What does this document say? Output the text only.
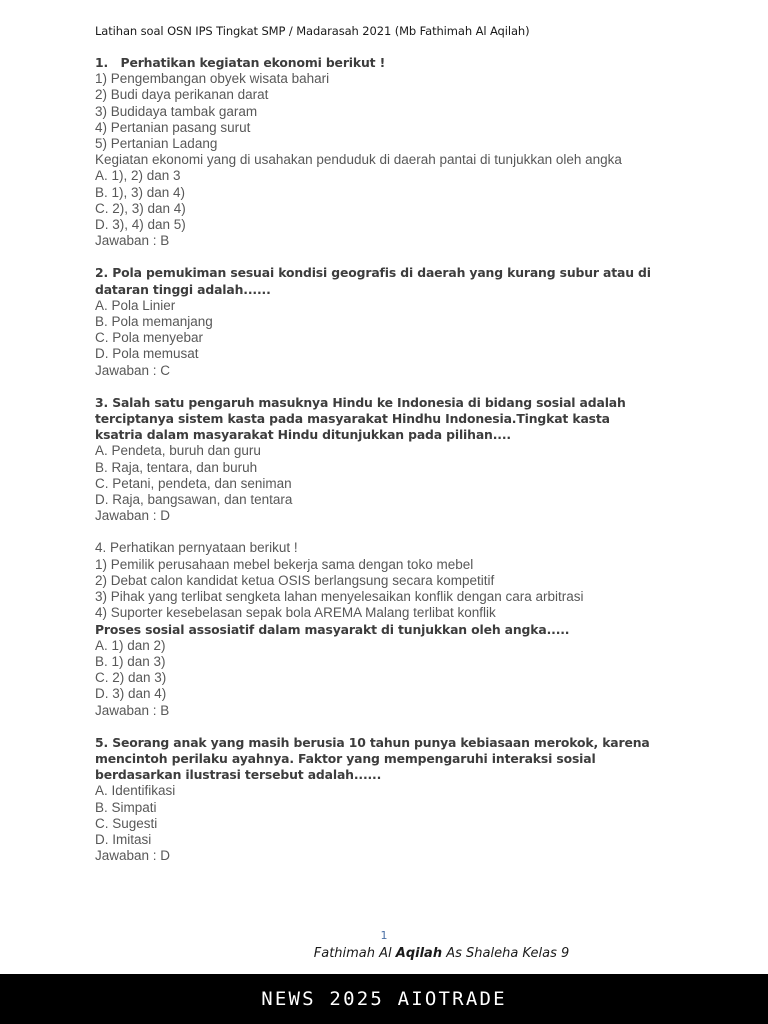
Latihan soal OSN IPS Tingkat SMP / Madarasah 2021 (Mb Fathimah Al Aqilah)
1.   Perhatikan kegiatan ekonomi berikut !
1) Pengembangan obyek wisata bahari
2) Budi daya perikanan darat
3) Budidaya tambak garam
4) Pertanian pasang surut
5) Pertanian Ladang
Kegiatan ekonomi yang di usahakan penduduk di daerah pantai di tunjukkan oleh angka
A. 1), 2) dan 3
B. 1), 3) dan 4)
C. 2), 3) dan 4)
D. 3), 4) dan 5)
Jawaban : B
2. Pola pemukiman sesuai kondisi geografis di daerah yang kurang subur atau di dataran tinggi adalah......
A. Pola Linier
B. Pola memanjang
C. Pola menyebar
D. Pola memusat
Jawaban : C
3. Salah satu pengaruh masuknya Hindu ke Indonesia di bidang sosial adalah terciptanya sistem kasta pada masyarakat Hindhu Indonesia.Tingkat kasta ksatria dalam masyarakat Hindu ditunjukkan pada pilihan....
A. Pendeta, buruh dan guru
B. Raja, tentara, dan buruh
C. Petani, pendeta, dan seniman
D. Raja, bangsawan, dan tentara
Jawaban : D
4. Perhatikan pernyataan berikut !
1) Pemilik perusahaan mebel bekerja sama dengan toko mebel
2) Debat calon kandidat ketua OSIS berlangsung secara kompetitif
3) Pihak yang terlibat sengketa lahan menyelesaikan konflik dengan cara arbitrasi
4) Suporter kesebelasan sepak bola AREMA Malang terlibat konflik
Proses sosial assosiatif dalam masyarakt di tunjukkan oleh angka.....
A. 1) dan 2)
B. 1) dan 3)
C. 2) dan 3)
D. 3) dan 4)
Jawaban : B
5. Seorang anak yang masih berusia 10 tahun punya kebiasaan merokok, karena mencintoh perilaku ayahnya. Faktor yang mempengaruhi interaksi sosial berdasarkan ilustrasi tersebut adalah......
A. Identifikasi
B. Simpati
C. Sugesti
D. Imitasi
Jawaban : D
1
Fathimah Al Aqilah As Shaleha Kelas 9
NEWS 2025 AIOTRADE
